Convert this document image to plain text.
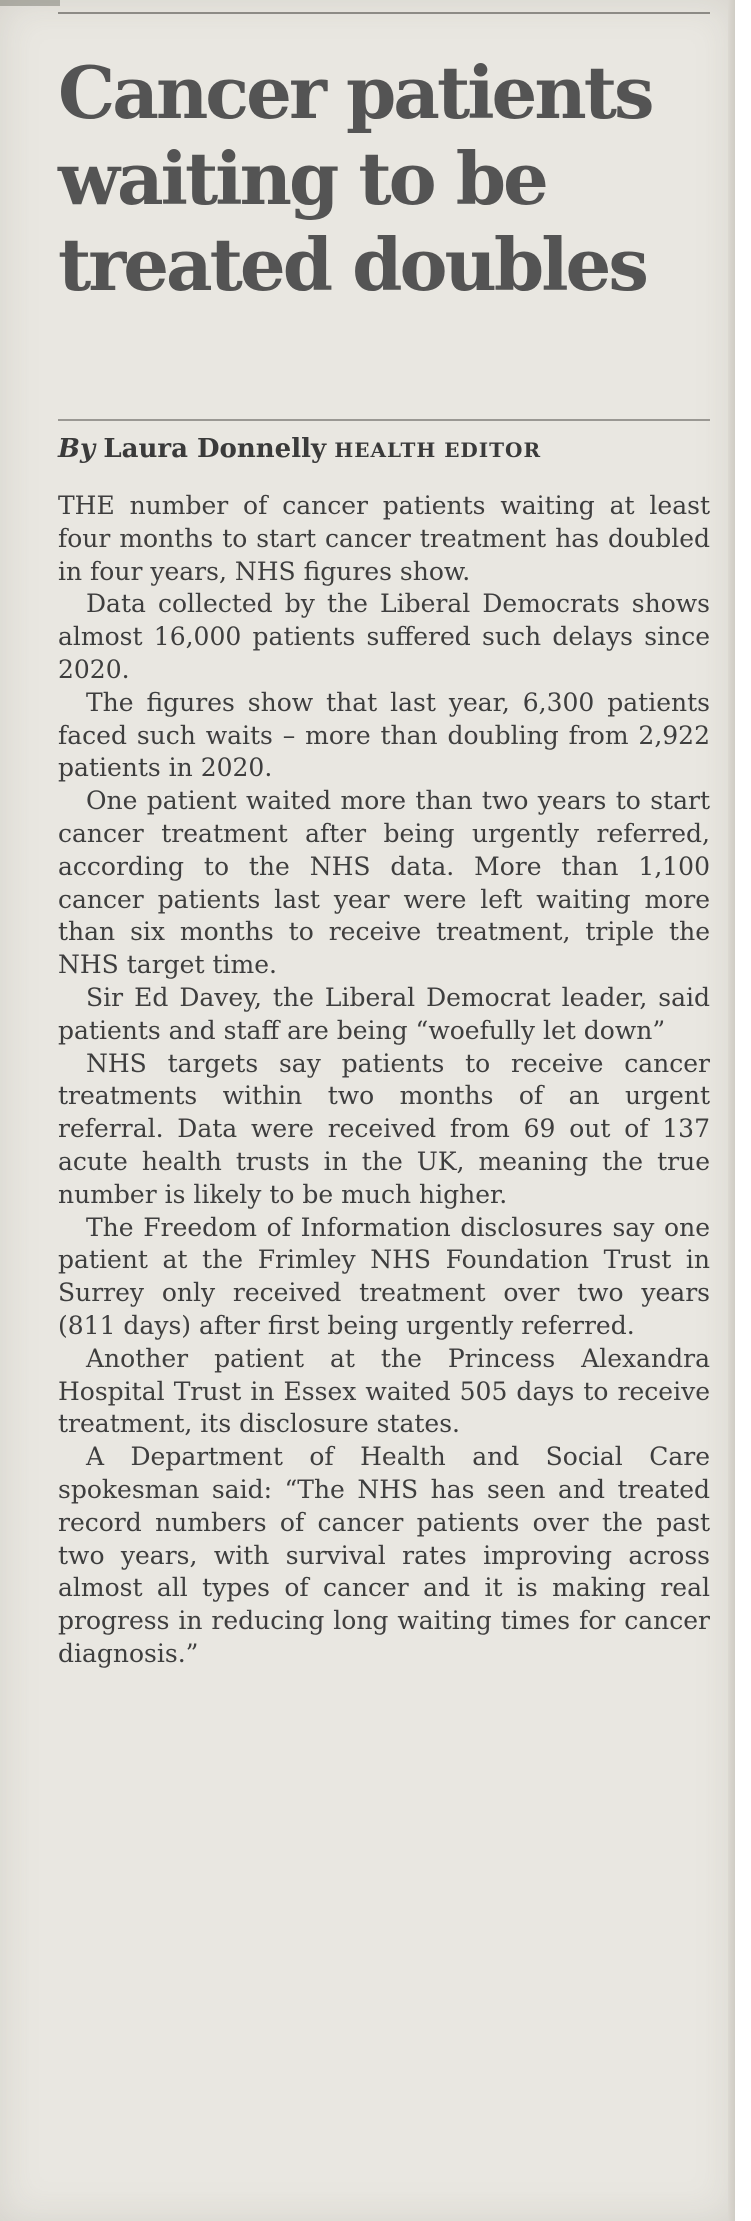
Cancer patients waiting to be treated doubles
By Laura Donnelly HEALTH EDITOR

THE number of cancer patients waiting at least four months to start cancer treatment has doubled in four years, NHS figures show.

Data collected by the Liberal Democrats shows almost 16,000 patients suffered such delays since 2020.

The figures show that last year, 6,300 patients faced such waits – more than doubling from 2,922 patients in 2020.

One patient waited more than two years to start cancer treatment after being urgently referred, according to the NHS data. More than 1,100 cancer patients last year were left waiting more than six months to receive treatment, triple the NHS target time.

Sir Ed Davey, the Liberal Democrat leader, said patients and staff are being “woefully let down”

NHS targets say patients to receive cancer treatments within two months of an urgent referral. Data were received from 69 out of 137 acute health trusts in the UK, meaning the true number is likely to be much higher.

The Freedom of Information disclosures say one patient at the Frimley NHS Foundation Trust in Surrey only received treatment over two years (811 days) after first being urgently referred.

Another patient at the Princess Alexandra Hospital Trust in Essex waited 505 days to receive treatment, its disclosure states.

A Department of Health and Social Care spokesman said: “The NHS has seen and treated record numbers of cancer patients over the past two years, with survival rates improving across almost all types of cancer and it is making real progress in reducing long waiting times for cancer diagnosis.”
